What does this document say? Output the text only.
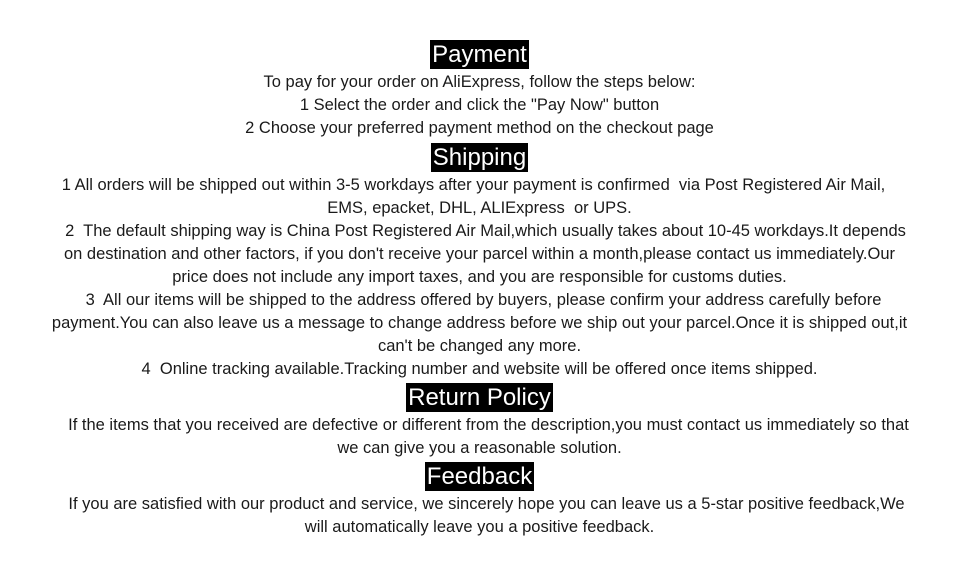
Payment
To pay for your order on AliExpress, follow the steps below:
1 Select the order and click the "Pay Now" button
2 Choose your preferred payment method on the checkout page
Shipping
1 All orders will be shipped out within 3-5 workdays after your payment is confirmed  via Post Registered Air Mail,
EMS, epacket, DHL, ALIExpress  or UPS.
2  The default shipping way is China Post Registered Air Mail,which usually takes about 10-45 workdays.It depends
on destination and other factors, if you don't receive your parcel within a month,please contact us immediately.Our
price does not include any import taxes, and you are responsible for customs duties.
3  All our items will be shipped to the address offered by buyers, please confirm your address carefully before
payment.You can also leave us a message to change address before we ship out your parcel.Once it is shipped out,it
can't be changed any more.
4  Online tracking available.Tracking number and website will be offered once items shipped.
Return Policy
If the items that you received are defective or different from the description,you must contact us immediately so that
we can give you a reasonable solution.
Feedback
If you are satisfied with our product and service, we sincerely hope you can leave us a 5-star positive feedback,We
will automatically leave you a positive feedback.
